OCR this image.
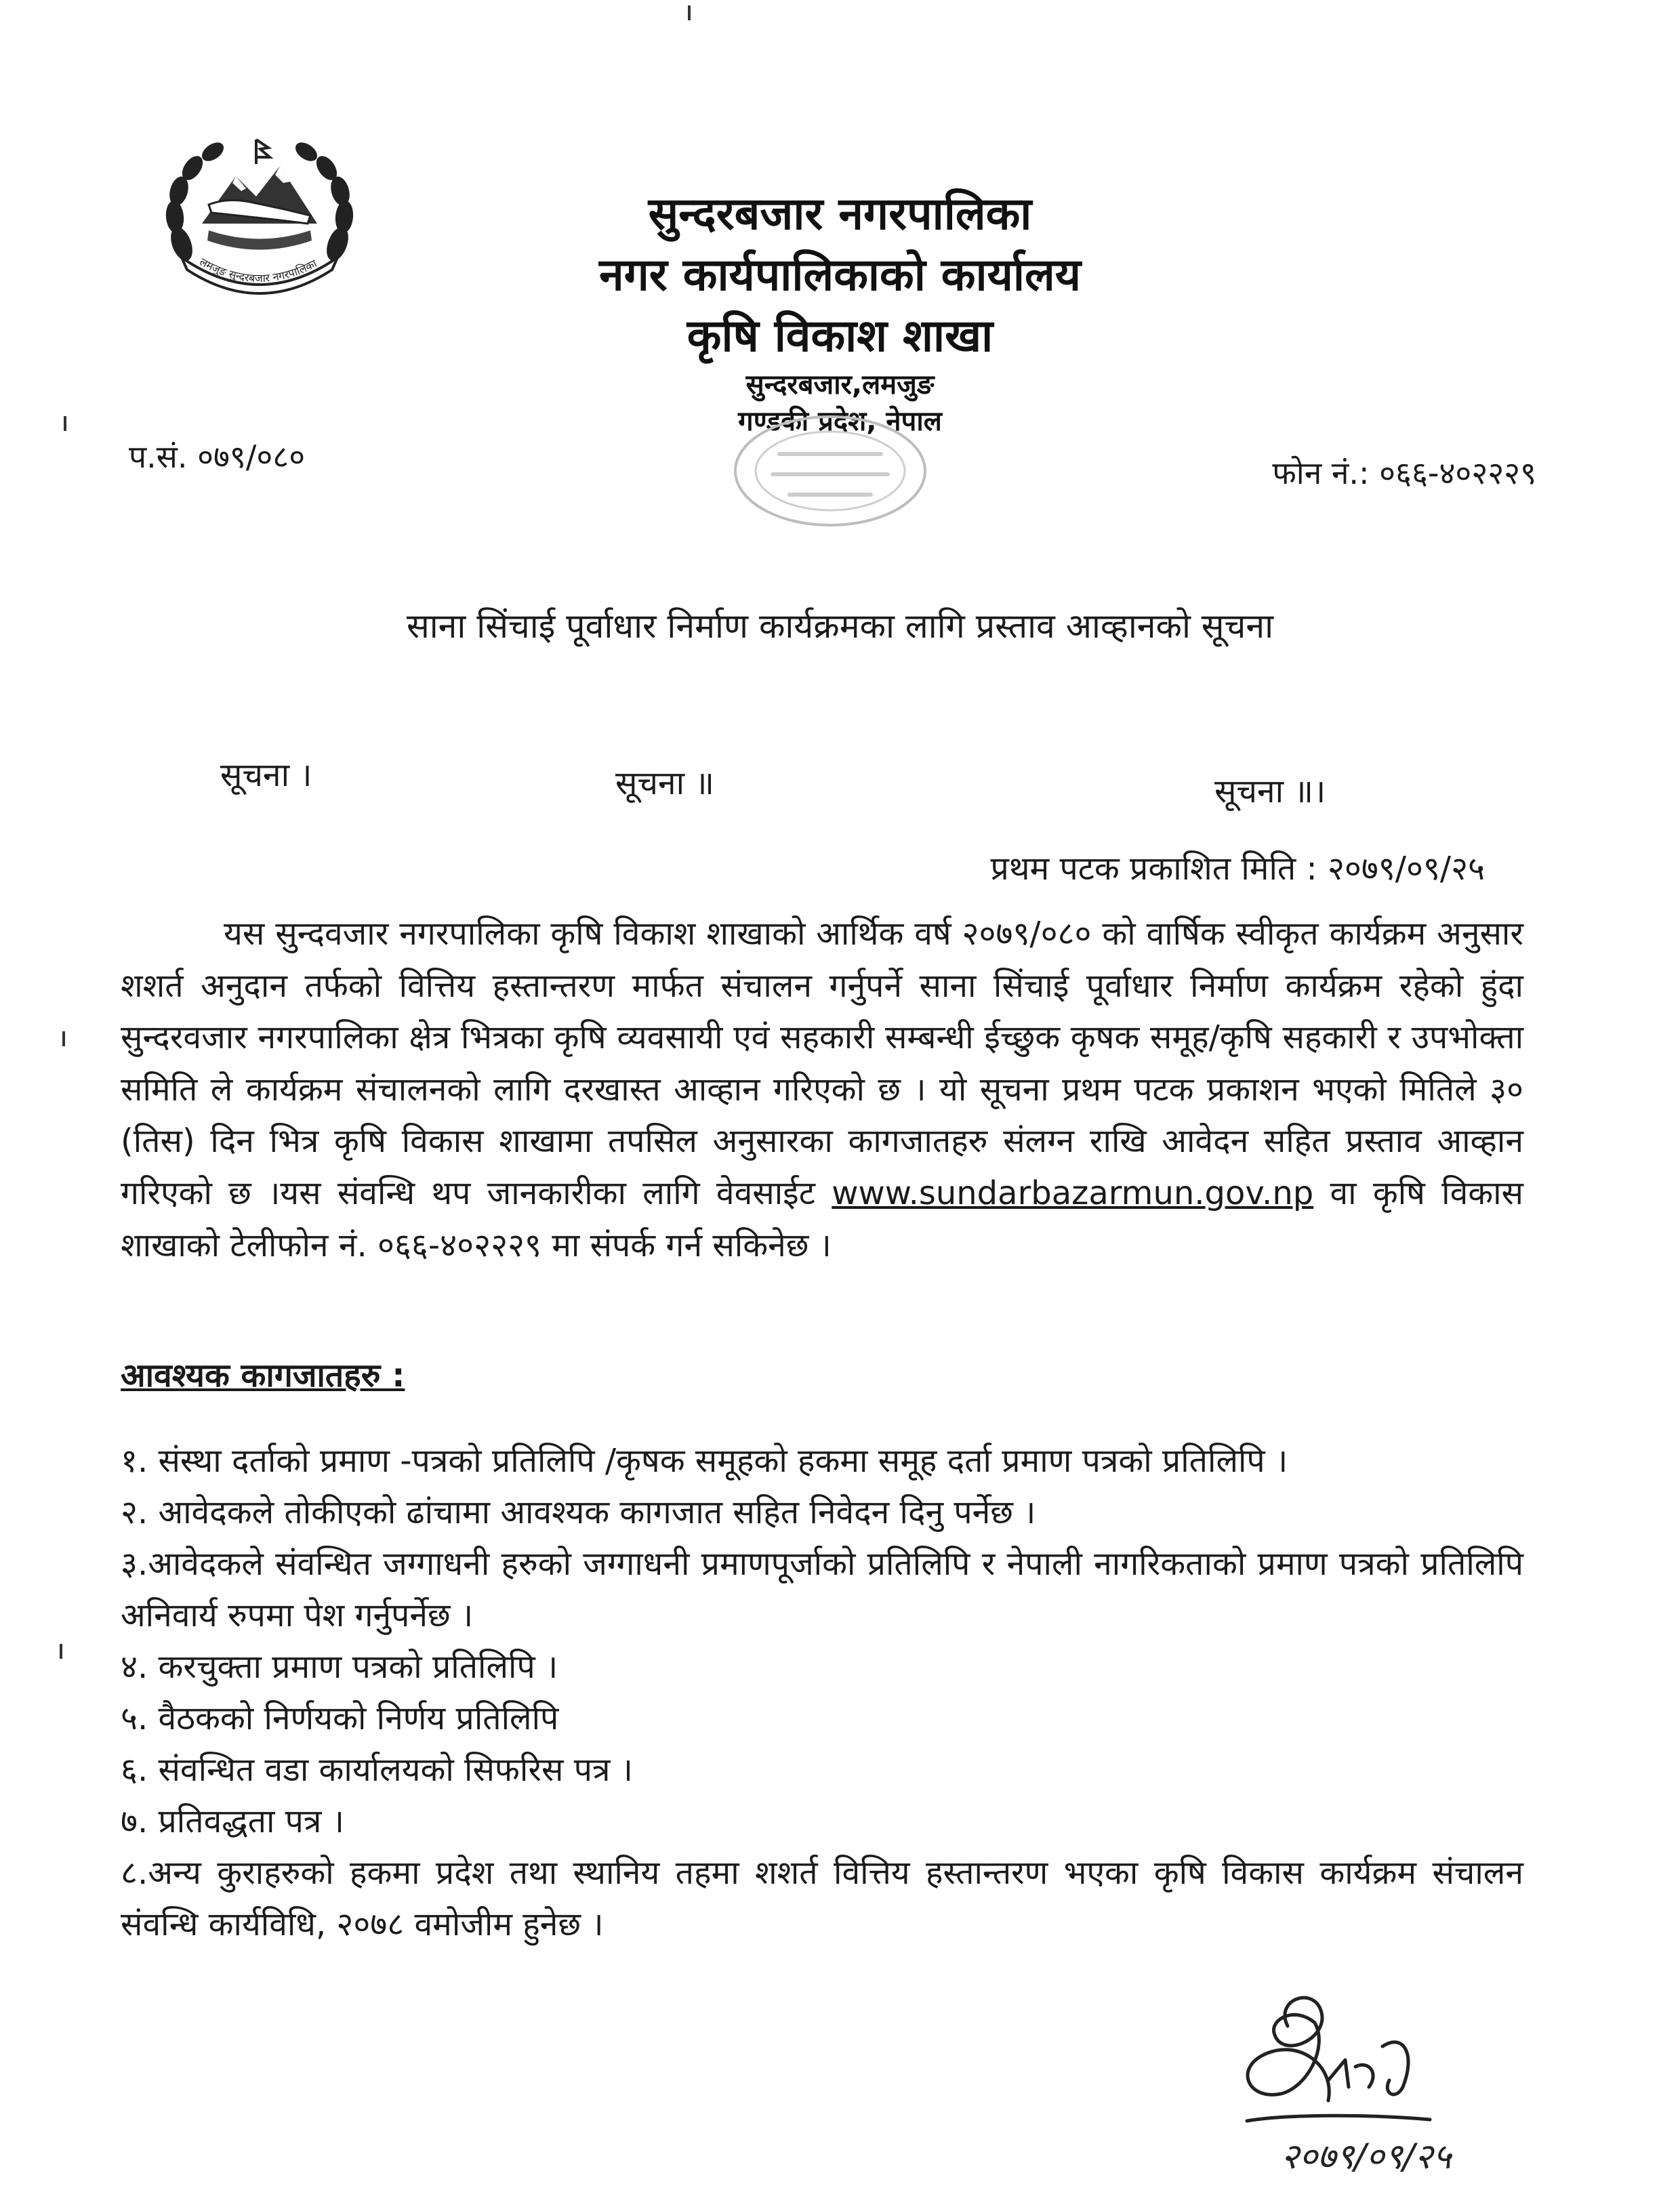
लमजुङ सुन्दरबजार नगरपालिका
सुन्दरबजार नगरपालिका
नगर कार्यपालिकाको कार्यालय
कृषि विकाश शाखा
सुन्दरबजार,लमजुङ
गण्डकी प्रदेश, नेपाल
प.सं. ०७९/०८०	फोन नं.: ०६६-४०२२२९
साना सिंचाई पूर्वाधार निर्माण कार्यक्रमका लागि प्रस्ताव आव्हानको सूचना
सूचना ।	सूचना ॥	सूचना ॥।
प्रथम पटक प्रकाशित मिति : २०७९/०९/२५

यस सुन्दवजार नगरपालिका कृषि विकाश शाखाको आर्थिक वर्ष २०७९/०८० को वार्षिक स्वीकृत कार्यक्रम अनुसार शशर्त अनुदान तर्फको वित्तिय हस्तान्तरण मार्फत संचालन गर्नुपर्ने साना सिंचाई पूर्वाधार निर्माण कार्यक्रम रहेको हुंदा सुन्दरवजार नगरपालिका क्षेत्र भित्रका कृषि व्यवसायी एवं सहकारी सम्बन्धी ईच्छुक कृषक समूह/कृषि सहकारी र उपभोक्ता समिति ले कार्यक्रम संचालनको लागि दरखास्त आव्हान गरिएको छ । यो सूचना प्रथम पटक प्रकाशन भएको मितिले ३० (तिस) दिन भित्र कृषि विकास शाखामा तपसिल अनुसारका कागजातहरु संलग्न राखि आवेदन सहित प्रस्ताव आव्हान गरिएको छ ।यस संवन्धि थप जानकारीका लागि वेवसाईट www.sundarbazarmun.gov.np वा कृषि विकास शाखाको टेलीफोन नं. ०६६-४०२२२९ मा संपर्क गर्न सकिनेछ ।

आवश्यक कागजातहरु :
१. संस्था दर्ताको प्रमाण -पत्रको प्रतिलिपि /कृषक समूहको हकमा समूह दर्ता प्रमाण पत्रको प्रतिलिपि ।
२. आवेदकले तोकीएको ढांचामा आवश्यक कागजात सहित निवेदन दिनु पर्नेछ ।
३.आवेदकले संवन्धित जग्गाधनी हरुको जग्गाधनी प्रमाणपूर्जाको प्रतिलिपि र नेपाली नागरिकताको प्रमाण पत्रको प्रतिलिपि अनिवार्य रुपमा पेश गर्नुपर्नेछ ।
४. करचुक्ता प्रमाण पत्रको प्रतिलिपि ।
५. वैठकको निर्णयको निर्णय प्रतिलिपि
६. संवन्धित वडा कार्यालयको सिफरिस पत्र ।
७. प्रतिवद्धता पत्र ।
८.अन्य कुराहरुको हकमा प्रदेश तथा स्थानिय तहमा शशर्त वित्तिय हस्तान्तरण भएका कृषि विकास कार्यक्रम संचालन संवन्धि कार्यविधि, २०७८ वमोजीम हुनेछ ।
२०७९/०९/२५
